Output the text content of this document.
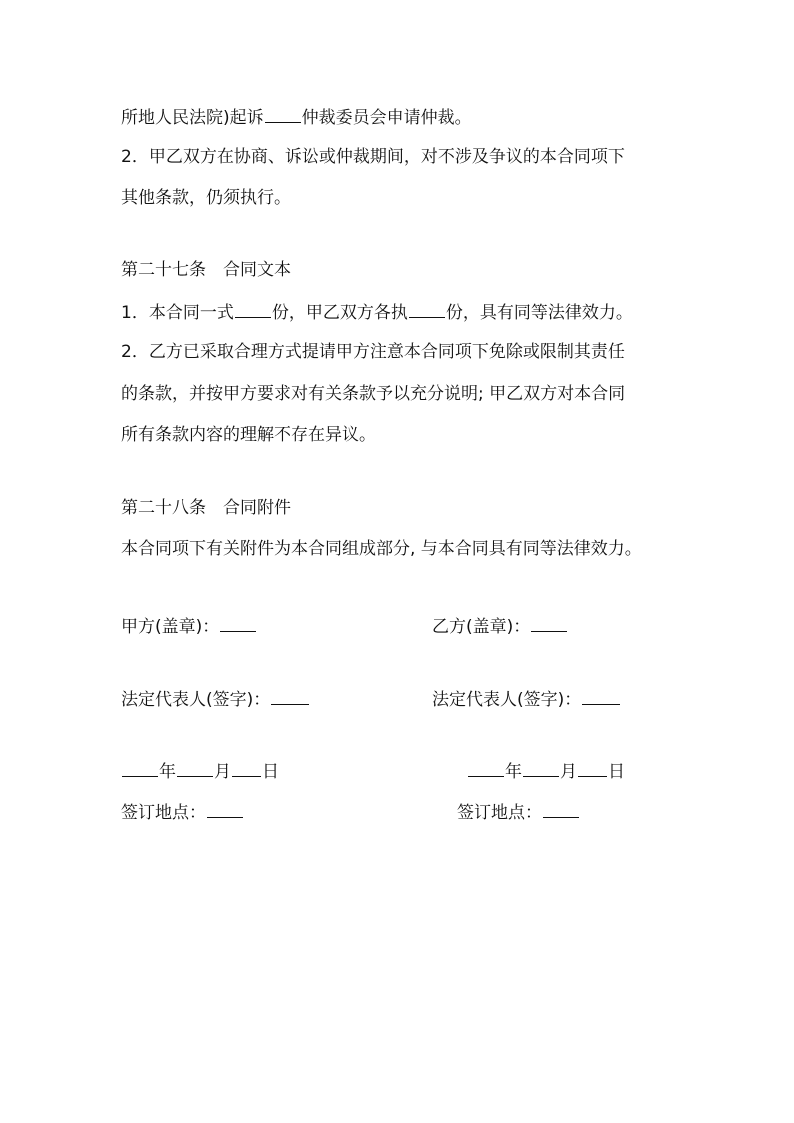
所地人民法院)起诉 仲裁委员会申请仲裁。
2．甲乙双方在协商、诉讼或仲裁期间，对不涉及争议的本合同项下
其他条款，仍须执行。
第二十七条　合同文本
1．本合同一式 份，甲乙双方各执 份，具有同等法律效力。
2．乙方已采取合理方式提请甲方注意本合同项下免除或限制其责任
的条款，并按甲方要求对有关条款予以充分说明; 甲乙双方对本合同
所有条款内容的理解不存在异议。
第二十八条　合同附件
本合同项下有关附件为本合同组成部分, 与本合同具有同等法律效力。
甲方(盖章)：	乙方(盖章)：
法定代表人(签字)：	法定代表人(签字)：
年 月 日	年 月 日
签订地点：	签订地点：
